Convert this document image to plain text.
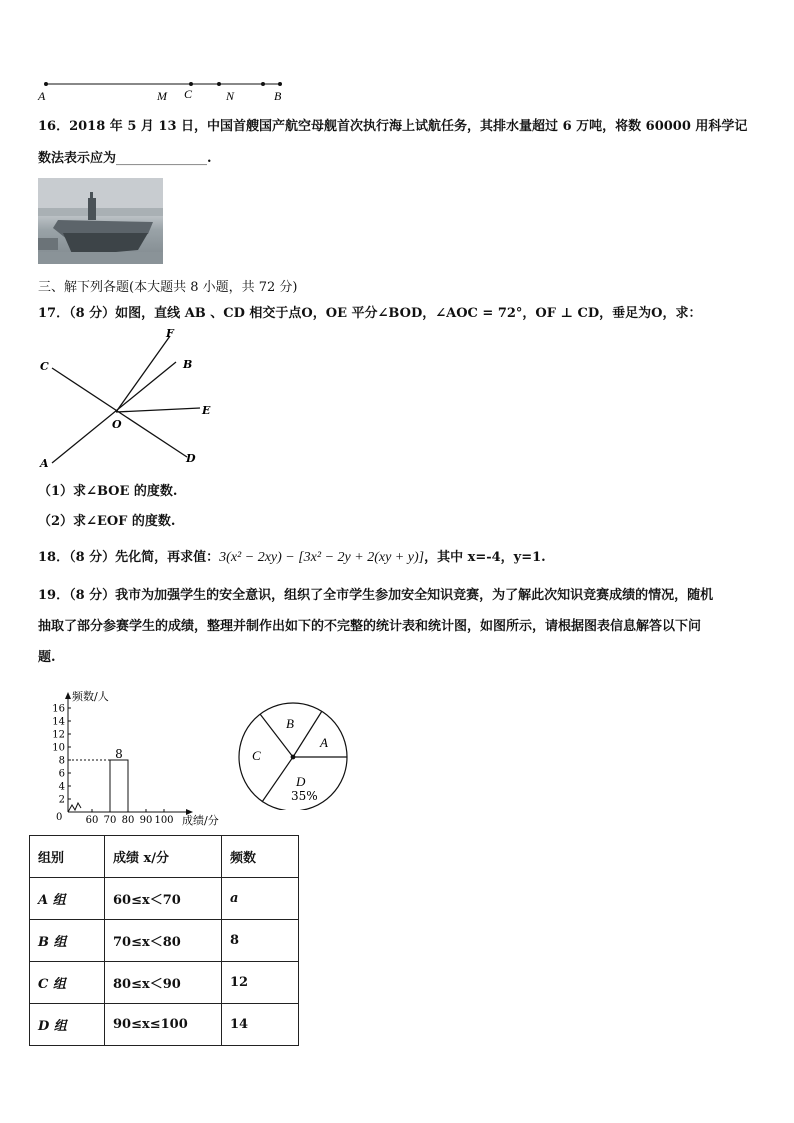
A	M C	N	B
16．2018 年 5 月 13 日，中国首艘国产航空母舰首次执行海上试航任务，其排水量超过 6 万吨，将数 60000 用科学记
数法表示应为______________.
三、解下列各题(本大题共 8 小题，共 72 分)
17．（8 分）如图，直线 AB 、CD 相交于点O，OE 平分∠BOD，∠AOC = 72°，OF ⊥ CD，垂足为O，求：
C
F
B
E
O
A	D
（1）求∠BOE 的度数.
（2）求∠EOF 的度数.
18．（8 分）先化简，再求值：3(x² − 2xy) − [3x² − 2y + 2(xy + y)]，其中 x=-4，y=1.
19．（8 分）我市为加强学生的安全意识，组织了全市学生参加安全知识竞赛，为了解此次知识竞赛成绩的情况，随机
抽取了部分参赛学生的成绩，整理并制作出如下的不完整的统计表和统计图，如图所示，请根据图表信息解答以下问
题.
频数/人
成绩/分
0
2
4
6
8
10
12
14
16
60 70 80 90 100
8
A
B
C
D
35%
组别	成绩 x/分	频数
A 组	60≤x＜70	a
B 组	70≤x＜80	8
C 组	80≤x＜90	12
D 组	90≤x≤100	14
